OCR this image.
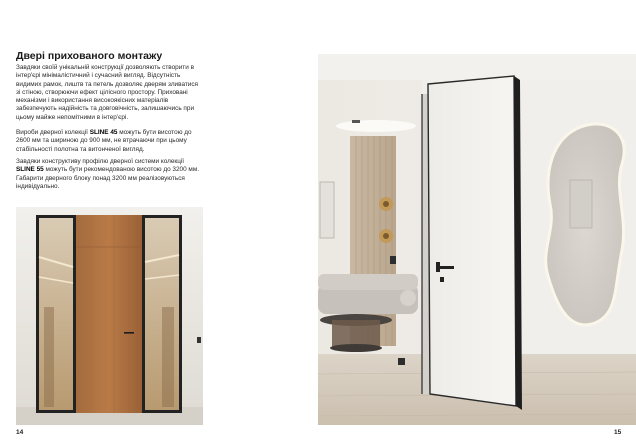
Двері прихованого монтажу

Завдяки своїй унікальній конструкції дозволяють створити в інтер'єрі мінімалістичний і сучасний вигляд. Відсутність видимих рамок, лиштв та петель дозволяє дверям зливатися зі стіною, створюючи ефект цілісного простору. Приховані механізми і використання високоякісних матеріалів забезпечують надійність та довговічність, залишаючись при цьому майже непомітними в інтер'єрі.

Вироби дверної колекції SLINE 45 можуть бути висотою до 2600 мм та шириною до 900 мм, не втрачаючи при цьому стабільності полотна та витонченої вигляд.

Завдяки конструктиву профілю дверної системи колекції SLINE 55 можуть бути рекомендованою висотою до 3200 мм. Габарити дверного блоку понад 3200 мм реалізовуються індивідуально.

14	15
